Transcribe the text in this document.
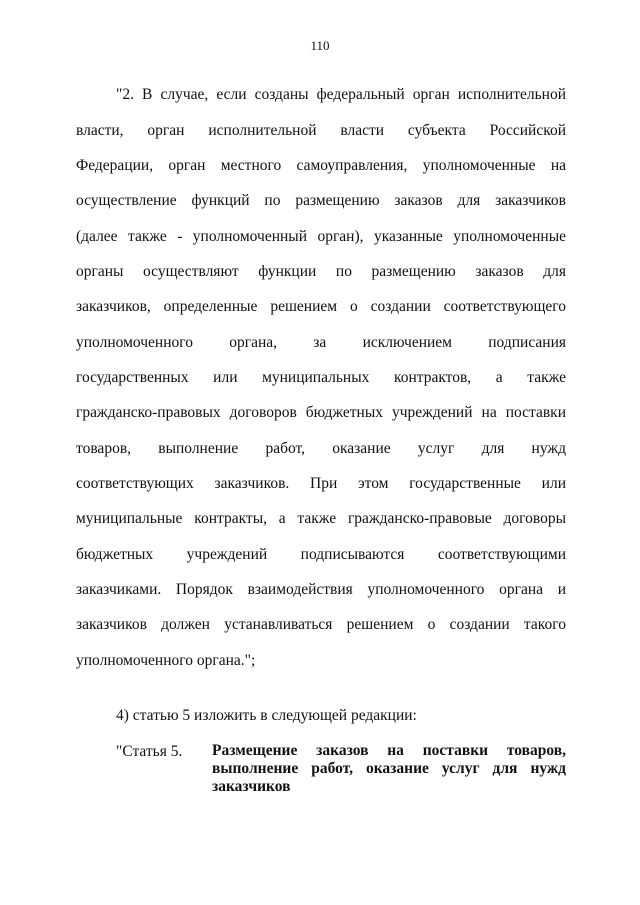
110
"2. В случае, если созданы федеральный орган исполнительной
власти, орган исполнительной власти субъекта Российской
Федерации, орган местного самоуправления, уполномоченные на
осуществление функций по размещению заказов для заказчиков
(далее также - уполномоченный орган), указанные уполномоченные
органы осуществляют функции по размещению заказов для
заказчиков, определенные решением о создании соответствующего
уполномоченного органа, за исключением подписания
государственных или муниципальных контрактов, а также
гражданско-правовых договоров бюджетных учреждений на поставки
товаров, выполнение работ, оказание услуг для нужд
соответствующих заказчиков. При этом государственные или
муниципальные контракты, а также гражданско-правовые договоры
бюджетных учреждений подписываются соответствующими
заказчиками. Порядок взаимодействия уполномоченного органа и
заказчиков должен устанавливаться решением о создании такого
уполномоченного органа.";
4) статью 5 изложить в следующей редакции:
"Статья 5. Размещение заказов на поставки товаров,
выполнение работ, оказание услуг для нужд
заказчиков
